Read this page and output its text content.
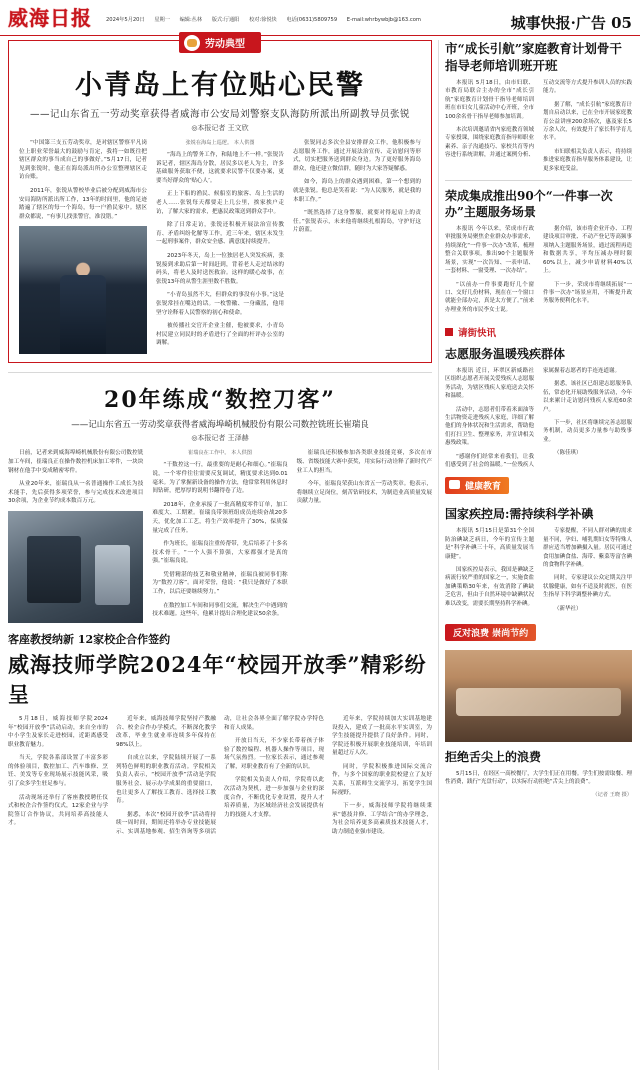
威海日报	2024年5月20日 星期一 编辑:丛林 版式:厅通阳 校对:徐悦快 电话(0631)5809759 E-mail:whrbywbjb@163.com	城事快报·广告 05
劳动典型
小青岛上有位贴心民警
——记山东省五一劳动奖章获得者威海市公安局刘警察支队海防所派出所副教导员张锐
◎本报记者 王文欣

“中国第三支五劳动奖章，是对辖区警察平凡岗位上职业荣誉最大的鼓励与肯定，我将一如既往把辖区群众的事当成自己的事做好。”5月17日，记者见到张锐时，他正在海岛派出所办公室整理辖区走访台账。

2011年，张锐从警校毕业后被分配到威海市公安局海防所派出所工作，13年的时间里，他的足迹踏遍了辖区的每一个海岛，每一户渔民家中。辖区群众都说，“有事儿找张警官，准没错。”

张锐在海岛上巡逻。 本人供图

“海岛上的警务工作，和陆地上不一样。”张锐告诉记者，辖区海岛分散，居民多以老人为主，许多基础服务获取不便，这就要求民警不仅要办案，更要当好群众的‘贴心人’。

正上下船的渔民、候船室的旅客、岛上生活的老人……张锐每天都要走上几公里，挨家挨户走访，了解大家的需求，把惠民政策送到群众手中。

除了日常走访，张锐还积极开展法治宣传教育、矛盾纠纷化解等工作，近三年来，辖区未发生一起刑事案件，群众安全感、满意度持续提升。

2023年冬天，岛上一位独居老人突发疾病，张锐接到求助后第一时间赶到，背着老人走过结冰的码头，将老人及时送医救治。这样的暖心故事，在张锐13年的从警生涯里数不胜数。

“小青岛虽然不大，但群众的事没有小事。”这是张锐常挂在嘴边的话。一枚警徽、一身藏蓝，他用坚守诠释着人民警察的初心和使命。

被传播社交官开企业主催，他被要求，小青岛村民建立同民时的矛盾进行了全面的杆评办公室的调解。

张锐同志多次全县安排群众工作，他积极参与志愿服务工作，通过开展法治宣传、走访慰问等形式，切实把服务送到群众身边。为了更好服务海岛群众，他还建立微信群，随时为大家答疑解惑。

如今，海岛上的群众遇到困难，第一个想到的就是张锐。他总是笑着说：“为人民服务，就是我的本职工作。”

“既然选择了这身警服，就要对得起肩上的责任。”张锐表示，未来他将继续扎根海岛，守护好这片蔚蓝。

20年练成“数控刀客”
——记山东省五一劳动奖章获得者威海埠崎机械股份有限公司数控铣班长崔瑞良
◎本报记者 王泽赫

日前，记者来到威海埠崎机械股份有限公司数控铣加工车间，崔瑞良正在操作数控机床加工零件，一块块钢材在他手中变成精密零件。

从业20年来，崔瑞良从一名普通操作工成长为技术能手，先后获得多项荣誉，参与完成技术改进项目30余项，为企业节约成本数百万元。

崔瑞良在工作中。 本人供图

“干数控这一行，最重要的是耐心和细心。”崔瑞良说，一个零件往往需要反复调试，精度要求达到0.01毫米。为了掌握新设备的操作方法，他常常利用休息时间钻研，把厚厚的说明书翻得卷了边。

2018年，企业承接了一批高精度零件订单，加工难度大、工期紧。崔瑞良带领班组成员连续奋战20多天，优化加工工艺，将生产效率提升了30%，保质保量完成了任务。

作为班长，崔瑞良注重传帮带，先后培养了十多名技术骨干。“一个人强不算强，大家都强才是真的强。”崔瑞良说。

凭借精湛的技艺和敬业精神，崔瑞良被同事们称为“数控刀客”。面对荣誉，他说：“我只是做好了本职工作，以后还要继续努力。”

在数控加工车间和同事们交流，解决生产中遇到的技术难题。这些年，他累计提出合理化建议50余条。

崔瑞良还积极参加各类职业技能竞赛，多次在市级、省级技能大赛中获奖，用实际行动诠释了新时代产业工人的担当。

今年，崔瑞良荣获山东省五一劳动奖章。他表示，将继续立足岗位，刻苦钻研技术，为制造业高质量发展贡献力量。

客座教授纳新 12家校企合作签约
威海技师学院2024年“校园开放季”精彩纷呈

5月18日，威海技师学院2024年“校园开放季”活动启动，来自全市的中小学生及家长走进校园，近距离感受职业教育魅力。

当天，学院各系部设置了丰富多彩的体验项目，数控加工、汽车维修、烹饪、美发等专业现场展示技能风采，吸引了众多学生驻足参与。

活动现场还举行了客座教授聘任仪式和校企合作签约仪式，12家企业与学院签订合作协议，共同培养高技能人才。

近年来，威海技师学院坚持产教融合、校企合作办学模式，不断深化教学改革，毕业生就业率连续多年保持在98%以上。

自成立以来，学院陆续开展了一系列特色鲜明的职业教育活动。学院相关负责人表示，“校园开放季”活动是学院服务社会、展示办学成果的重要窗口，也让更多人了解技工教育、选择技工教育。

据悉，本次“校园开放季”活动将持续一周时间，期间还将举办专业技能展示、实训基地参观、招生咨询等多项活动，让社会各界全面了解学院办学特色和育人成果。

开放日当天，不少家长带着孩子体验了数控编程、机器人操作等项目，现场气氛热烈。一位家长表示，通过参观了解，对职业教育有了全新的认识。

学院相关负责人介绍，学院将以此次活动为契机，进一步加强与企业的深度合作，不断优化专业设置，提升人才培养质量，为区域经济社会发展提供有力的技能人才支撑。

近年来，学院持续加大实训基地建设投入，建成了一批高水平实训室，为学生技能提升提供了良好条件。同时，学院还积极开展职业技能培训，年培训量超过万人次。

同时，学院积极推进国际交流合作，与多个国家的职业院校建立了友好关系，互派师生交流学习，拓宽学生国际视野。

下一步，威海技师学院将继续秉承“德技并修、工学结合”的办学理念，为社会培养更多高素质技术技能人才，助力制造业强市建设。

市“成长引航”家庭教育计划骨干指导老师培训班开班

本报讯 5月18日，由市妇联、市教育局联合主办的全市“成长引航”家庭教育计划骨干指导老师培训班在市妇女儿童活动中心开班，全市100余名骨干指导老师参加培训。

本次培训邀请省内家庭教育领域专家授课，围绕家庭教育指导师职业素养、亲子沟通技巧、家校共育等内容进行系统讲解，并通过案例分析、互动交流等方式提升参训人员的实践能力。

据了解，“成长引航”家庭教育计划自启动以来，已在全市开展家庭教育公益讲座200余场次，惠及家长5万余人次，有效提升了家长科学育儿水平。

市妇联相关负责人表示，将持续推进家庭教育指导服务体系建设，让更多家庭受益。

荣成集成推出90个“一件事一次办”主题服务场景

本报讯 今年以来，荣成市行政审批服务局聚焦企业群众办事需求，持续深化“一件事一次办”改革，梳理整合关联事项，推出90个主题服务场景，实现“一次告知、一表申请、一套材料、一窗受理、一次办结”。

“以前办一件事要跑好几个窗口、交好几份材料，现在在一个窗口就能全部办完，真是太方便了。”前来办理业务的市民李女士说。

据介绍，该市将企业开办、工程建设项目审批、不动产登记等高频事项纳入主题服务场景，通过流程再造和数据共享，平均压减办理时限60%以上，减少申请材料40%以上。

下一步，荣成市将继续拓展“一件事一次办”场景应用，不断提升政务服务便利化水平。

请街快讯
志愿服务温暖残疾群体

本报讯 近日，环翠区新威路社区组织志愿者开展关爱残疾人志愿服务活动，为辖区残疾人家庭送去关怀和温暖。

活动中，志愿者们带着米面油等生活物资走进残疾人家庭，详细了解他们的身体状况和生活需求，帮助他们打扫卫生、整理家务，并宣讲相关惠残政策。

“感谢你们经常来看我们，让我们感受到了社会的温暖。”一位残疾人家属握着志愿者的手连连道谢。

据悉，该社区已组建志愿服务队伍，常态化开展助残服务活动，今年以来累计走访慰问残疾人家庭60余户。

下一步，社区将继续完善志愿服务机制，动员更多力量参与助残事业。

（陈佳琪）

健康教育
国家疾控局:需持续科学补碘

本报讯 5月15日是第31个全国防治碘缺乏病日，今年的宣传主题是“科学补碘三十年，高质量发展当康健”。

国家疾控局表示，我国是碘缺乏病流行较严重的国家之一，实施食盐加碘策略30年来，有效消除了碘缺乏危害，但由于自然环境中缺碘状况难以改变，需要长期坚持科学补碘。

专家提醒，不同人群对碘的需求量不同，孕妇、哺乳期妇女等特殊人群应适当增加碘摄入量。居民可通过食用加碘食盐、海带、紫菜等富含碘的食物科学补碘。

同时，专家建议公众定期关注甲状腺健康，如有不适及时就医，在医生指导下科学调整补碘方式。

（新华社）

反对浪费 崇尚节约
拒绝舌尖上的浪费

5月15日，在经区一高校餐厅，大学生们正在用餐。学生们按需取餐、理性消费，践行“光盘行动”，以实际行动拒绝“舌尖上的浪费”。

（记者 王晓 摄）
